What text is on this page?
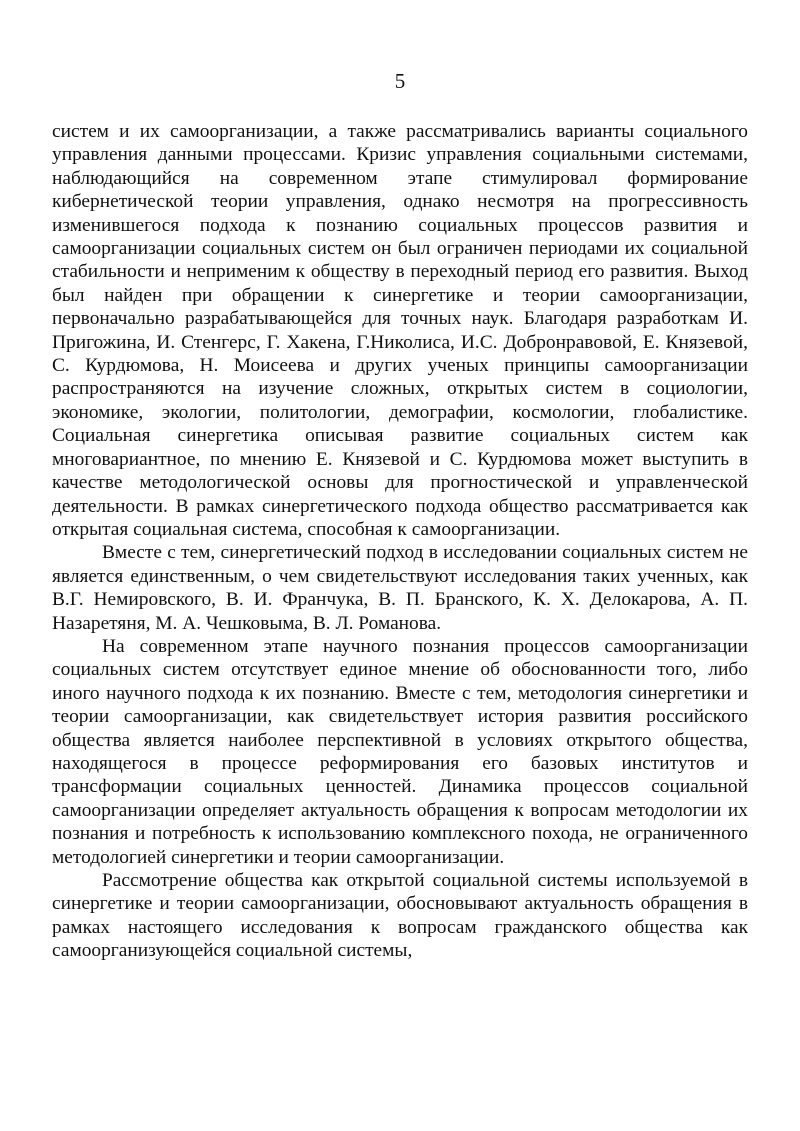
5

систем и их самоорганизации, а также рассматривались варианты социального управления данными процессами. Кризис управления социальными системами, наблюдающийся на современном этапе стимулировал формирование кибернетической теории управления, однако несмотря на прогрессивность изменившегося подхода к познанию социальных процессов развития и самоорганизации социальных систем он был ограничен периодами их социальной стабильности и неприменим к обществу в переходный период его развития. Выход был найден при обращении к синергетике и теории самоорганизации, первоначально разрабатывающейся для точных наук. Благодаря разработкам И. Пригожина, И. Стенгерс, Г. Хакена, Г.Николиса, И.С. Добронравовой, Е. Князевой, С. Курдюмова, Н. Моисеева и других ученых принципы самоорганизации распространяются на изучение сложных, открытых систем в социологии, экономике, экологии, политологии, демографии, космологии, глобалистике. Социальная синергетика описывая развитие социальных систем как многовариантное, по мнению Е. Князевой и С. Курдюмова может выступить в качестве методологической основы для прогностической и управленческой деятельности. В рамках синергетического подхода общество рассматривается как открытая социальная система, способная к самоорганизации.

Вместе с тем, синергетический подход в исследовании социальных систем не является единственным, о чем свидетельствуют исследования таких ученных, как В.Г. Немировского, В. И. Франчука, В. П. Бранского, К. Х. Делокарова, А. П. Назаретяня, М. А. Чешковыма, В. Л. Романова.

На современном этапе научного познания процессов самоорганизации социальных систем отсутствует единое мнение об обоснованности того, либо иного научного подхода к их познанию. Вместе с тем, методология синергетики и теории самоорганизации, как свидетельствует история развития российского общества является наиболее перспективной в условиях открытого общества, находящегося в процессе реформирования его базовых институтов и трансформации социальных ценностей. Динамика процессов социальной самоорганизации определяет актуальность обращения к вопросам методологии их познания и потребность к использованию комплексного похода, не ограниченного методологией синергетики и теории самоорганизации.

Рассмотрение общества как открытой социальной системы используемой в синергетике и теории самоорганизации, обосновывают актуальность обращения в рамках настоящего исследования к вопросам гражданского общества как самоорганизующейся социальной системы,
